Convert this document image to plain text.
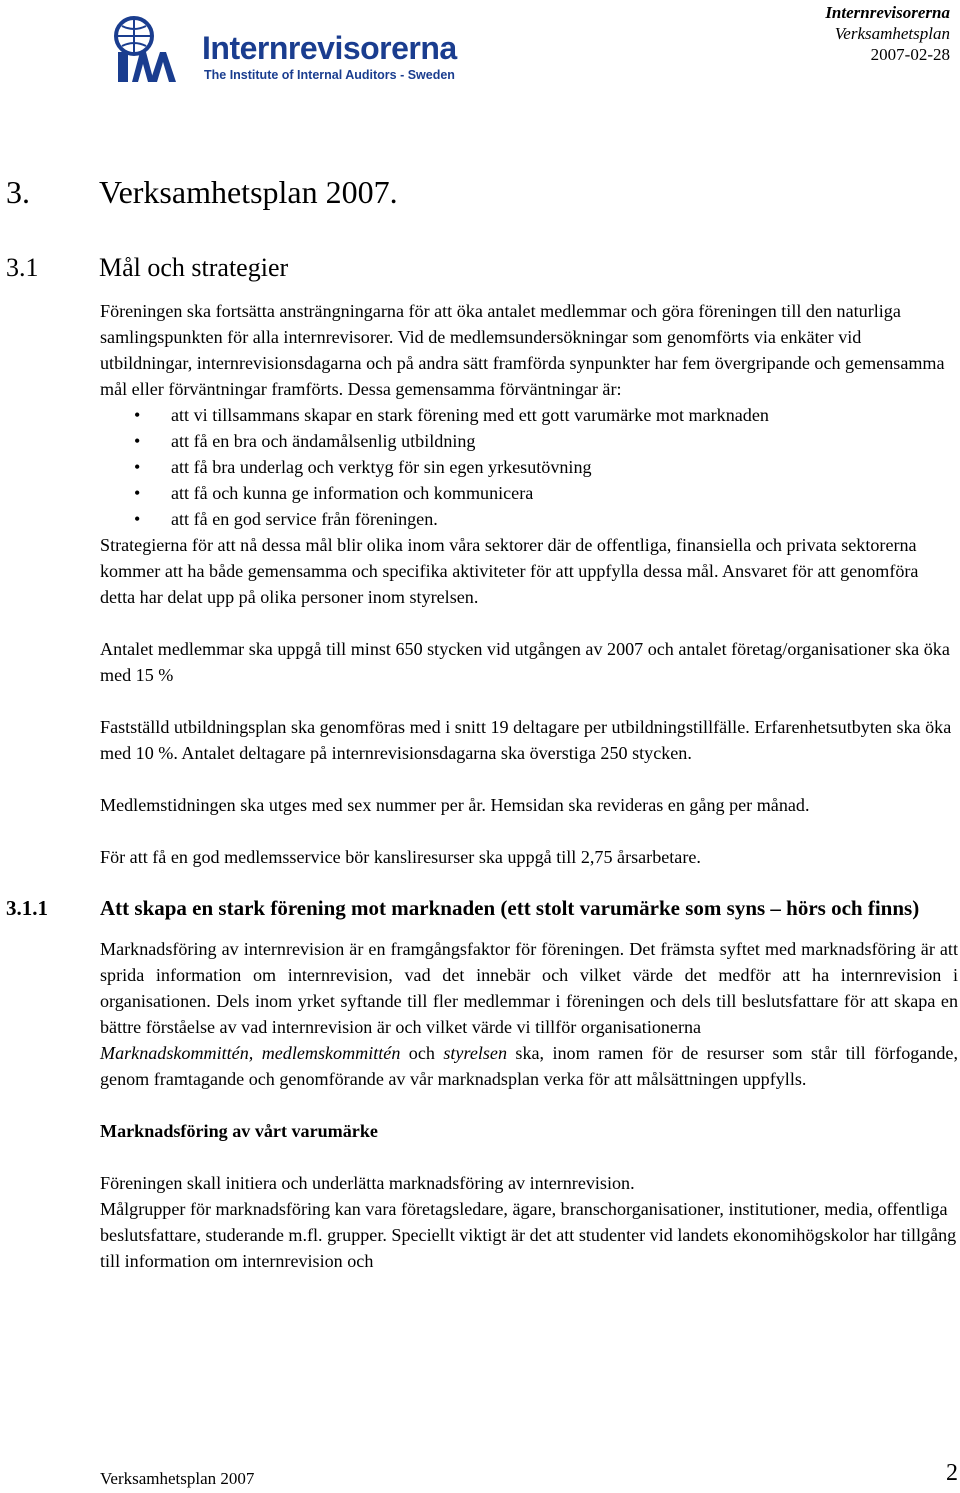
Internrevisorerna
The Institute of Internal Auditors - Sweden
Internrevisorerna
Verksamhetsplan
2007-02-28
3. Verksamhetsplan 2007.
3.1 Mål och strategier

Föreningen ska fortsätta ansträngningarna för att öka antalet medlemmar och göra föreningen till den naturliga samlingspunkten för alla internrevisorer. Vid de medlemsundersökningar som genomförts via enkäter vid utbildningar, internrevisionsdagarna och på andra sätt framförda synpunkter har fem övergripande och gemensamma mål eller förväntningar framförts. Dessa gemensamma förväntningar är:

• att vi tillsammans skapar en stark förening med ett gott varumärke mot marknaden
• att få en bra och ändamålsenlig utbildning
• att få bra underlag och verktyg för sin egen yrkesutövning
• att få och kunna ge information och kommunicera
• att få en god service från föreningen.

Strategierna för att nå dessa mål blir olika inom våra sektorer där de offentliga, finansiella och privata sektorerna kommer att ha både gemensamma och specifika aktiviteter för att uppfylla dessa mål. Ansvaret för att genomföra detta har delat upp på olika personer inom styrelsen.

Antalet medlemmar ska uppgå till minst 650 stycken vid utgången av 2007 och antalet företag/organisationer ska öka med 15 %

Fastställd utbildningsplan ska genomföras med i snitt 19 deltagare per utbildningstillfälle. Erfarenhetsutbyten ska öka med 10 %. Antalet deltagare på internrevisionsdagarna ska överstiga 250 stycken.

Medlemstidningen ska utges med sex nummer per år. Hemsidan ska revideras en gång per månad.

För att få en god medlemsservice bör kansliresurser ska uppgå till 2,75 årsarbetare.

3.1.1 Att skapa en stark förening mot marknaden (ett stolt varumärke som syns – hörs och finns)

Marknadsföring av internrevision är en framgångsfaktor för föreningen. Det främsta syftet med marknadsföring är att sprida information om internrevision, vad det innebär och vilket värde det medför att ha internrevision i organisationen. Dels inom yrket syftande till fler medlemmar i föreningen och dels till beslutsfattare för att skapa en bättre förståelse av vad internrevision är och vilket värde vi tillför organisationerna

Marknadskommittén, medlemskommittén och styrelsen ska, inom ramen för de resurser som står till förfogande, genom framtagande och genomförande av vår marknadsplan verka för att målsättningen uppfylls.

Marknadsföring av vårt varumärke

Föreningen skall initiera och underlätta marknadsföring av internrevision.

Målgrupper för marknadsföring kan vara företagsledare, ägare, branschorganisationer, institutioner, media, offentliga beslutsfattare, studerande m.fl. grupper. Speciellt viktigt är det att studenter vid landets ekonomihögskolor har tillgång till information om internrevision och

Verksamhetsplan 2007	2
